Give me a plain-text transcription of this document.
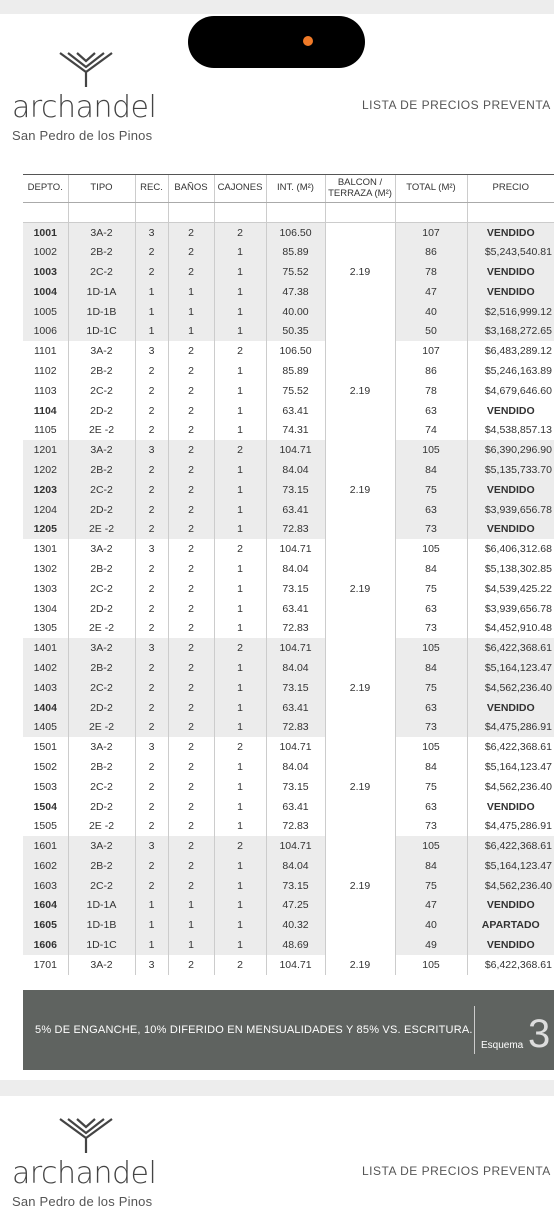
archandel
San Pedro de los Pinos
LISTA DE PRECIOS PREVENTA
DEPTO.	TIPO	REC.	BAÑOS	CAJONES	INT. (M²)	BALCON / TERRAZA (M²)	TOTAL (M²)	PRECIO

1001	3A-2	3	2	2	106.50		107	VENDIDO
1002	2B-2	2	2	1	85.89		86	$5,243,540.81
1003	2C-2	2	2	1	75.52	2.19	78	VENDIDO
1004	1D-1A	1	1	1	47.38		47	VENDIDO
1005	1D-1B	1	1	1	40.00		40	$2,516,999.12
1006	1D-1C	1	1	1	50.35		50	$3,168,272.65
1101	3A-2	3	2	2	106.50		107	$6,483,289.12
1102	2B-2	2	2	1	85.89		86	$5,246,163.89
1103	2C-2	2	2	1	75.52	2.19	78	$4,679,646.60
1104	2D-2	2	2	1	63.41		63	VENDIDO
1105	2E -2	2	2	1	74.31		74	$4,538,857.13
1201	3A-2	3	2	2	104.71		105	$6,390,296.90
1202	2B-2	2	2	1	84.04		84	$5,135,733.70
1203	2C-2	2	2	1	73.15	2.19	75	VENDIDO
1204	2D-2	2	2	1	63.41		63	$3,939,656.78
1205	2E -2	2	2	1	72.83		73	VENDIDO
1301	3A-2	3	2	2	104.71		105	$6,406,312.68
1302	2B-2	2	2	1	84.04		84	$5,138,302.85
1303	2C-2	2	2	1	73.15	2.19	75	$4,539,425.22
1304	2D-2	2	2	1	63.41		63	$3,939,656.78
1305	2E -2	2	2	1	72.83		73	$4,452,910.48
1401	3A-2	3	2	2	104.71		105	$6,422,368.61
1402	2B-2	2	2	1	84.04		84	$5,164,123.47
1403	2C-2	2	2	1	73.15	2.19	75	$4,562,236.40
1404	2D-2	2	2	1	63.41		63	VENDIDO
1405	2E -2	2	2	1	72.83		73	$4,475,286.91
1501	3A-2	3	2	2	104.71		105	$6,422,368.61
1502	2B-2	2	2	1	84.04		84	$5,164,123.47
1503	2C-2	2	2	1	73.15	2.19	75	$4,562,236.40
1504	2D-2	2	2	1	63.41		63	VENDIDO
1505	2E -2	2	2	1	72.83		73	$4,475,286.91
1601	3A-2	3	2	2	104.71		105	$6,422,368.61
1602	2B-2	2	2	1	84.04		84	$5,164,123.47
1603	2C-2	2	2	1	73.15	2.19	75	$4,562,236.40
1604	1D-1A	1	1	1	47.25		47	VENDIDO
1605	1D-1B	1	1	1	40.32		40	APARTADO
1606	1D-1C	1	1	1	48.69		49	VENDIDO
1701	3A-2	3	2	2	104.71	2.19	105	$6,422,368.61
5% DE ENGANCHE, 10% DIFERIDO EN MENSUALIDADES Y 85% VS. ESCRITURA.
Esquema 3
archandel
San Pedro de los Pinos
LISTA DE PRECIOS PREVENTA
